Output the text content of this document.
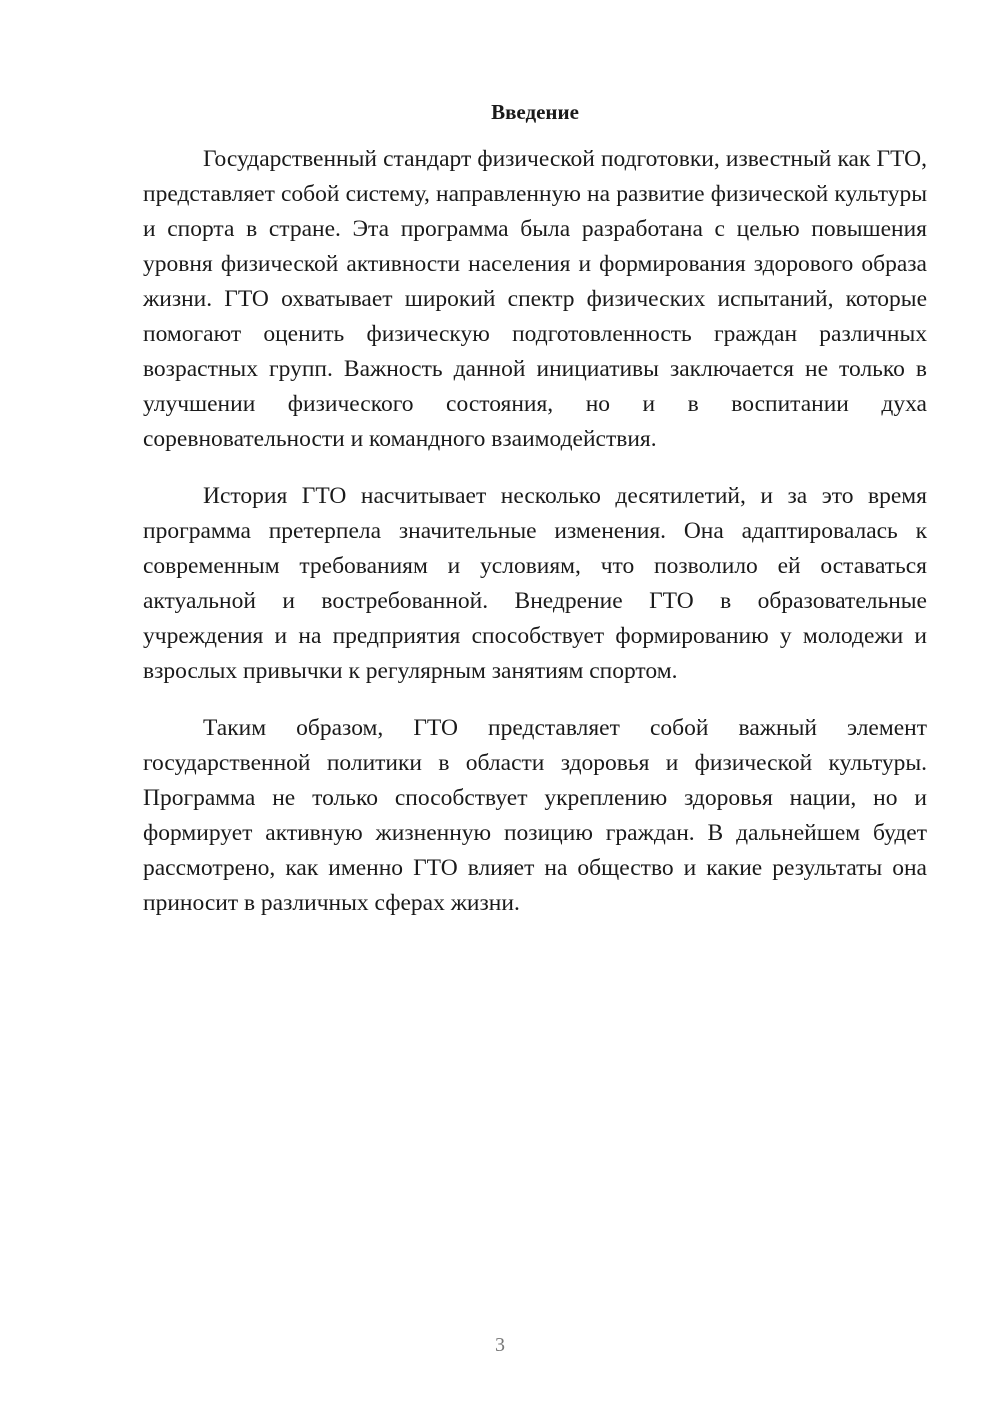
Введение

Государственный стандарт физической подготовки, известный как ГТО, представляет собой систему, направленную на развитие физической культуры и спорта в стране. Эта программа была разработана с целью повышения уровня физической активности населения и формирования здорового образа жизни. ГТО охватывает широкий спектр физических испытаний, которые помогают оценить физическую подготовленность граждан различных возрастных групп. Важность данной инициативы заключается не только в улучшении физического состояния, но и в воспитании духа соревновательности и командного взаимодействия.

История ГТО насчитывает несколько десятилетий, и за это время программа претерпела значительные изменения. Она адаптировалась к современным требованиям и условиям, что позволило ей оставаться актуальной и востребованной. Внедрение ГТО в образовательные учреждения и на предприятия способствует формированию у молодежи и взрослых привычки к регулярным занятиям спортом.

Таким образом, ГТО представляет собой важный элемент государственной политики в области здоровья и физической культуры. Программа не только способствует укреплению здоровья нации, но и формирует активную жизненную позицию граждан. В дальнейшем будет рассмотрено, как именно ГТО влияет на общество и какие результаты она приносит в различных сферах жизни.

3
